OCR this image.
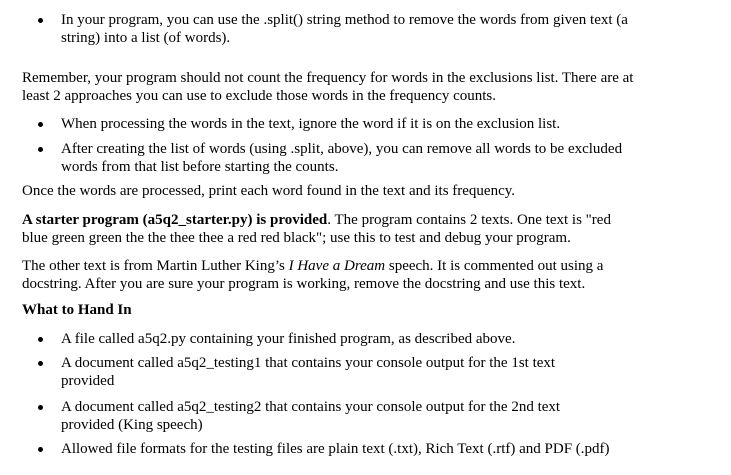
In your program, you can use the .split() string method to remove the words from given text (a
string) into a list (of words).
Remember, your program should not count the frequency for words in the exclusions list. There are at
least 2 approaches you can use to exclude those words in the frequency counts.
When processing the words in the text, ignore the word if it is on the exclusion list.
After creating the list of words (using .split, above), you can remove all words to be excluded
words from that list before starting the counts.
Once the words are processed, print each word found in the text and its frequency.
A starter program (a5q2_starter.py) is provided. The program contains 2 texts. One text is "red
blue green green the the thee thee a red red black"; use this to test and debug your program.
The other text is from Martin Luther King’s I Have a Dream speech. It is commented out using a
docstring. After you are sure your program is working, remove the docstring and use this text.
What to Hand In
A file called a5q2.py containing your finished program, as described above.
A document called a5q2_testing1 that contains your console output for the 1st text
provided
A document called a5q2_testing2 that contains your console output for the 2nd text
provided (King speech)
Allowed file formats for the testing files are plain text (.txt), Rich Text (.rtf) and PDF (.pdf)
